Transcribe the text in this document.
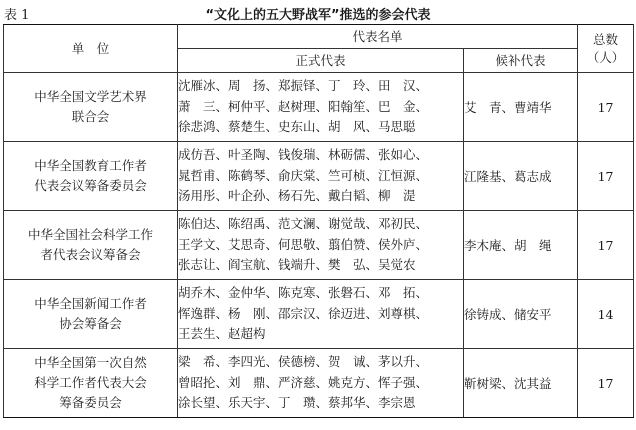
表 1	“文化上的五大野战军”推选的参会代表
单　位	代表名单		总数
（人）
	正式代表	候补代表	
中华全国文学艺术界
联合会	沈雁冰、周　扬、郑振铎、丁　玲、田　汉、
萧　三、柯仲平、赵树理、阳翰笙、巴　金、
徐悲鸿、蔡楚生、史东山、胡　风、马思聪	艾　青、曹靖华	17
中华全国教育工作者
代表会议筹备委员会	成仿吾、叶圣陶、钱俊瑞、林砺儒、张如心、
晁哲甫、陈鹤琴、俞庆棠、竺可桢、江恒源、
汤用彤、叶企孙、杨石先、戴白韬、柳　湜	江隆基、葛志成	17
中华全国社会科学工作
者代表会议筹备会	陈伯达、陈绍禹、范文澜、谢觉哉、邓初民、
王学文、艾思奇、何思敬、翦伯赞、侯外庐、
张志让、阎宝航、钱端升、樊　弘、吴觉农	李木庵、胡　绳	17
中华全国新闻工作者
协会筹备会	胡乔木、金仲华、陈克寒、张磐石、邓　拓、
恽逸群、杨　刚、邵宗汉、徐迈进、刘尊棋、
王芸生、赵超构	徐铸成、储安平	14
中华全国第一次自然
科学工作者代表大会
筹备委员会	梁　希、李四光、侯德榜、贺　诚、茅以升、
曾昭抡、刘　鼎、严济慈、姚克方、恽子强、
涂长望、乐天宇、丁　瓒、蔡邦华、李宗恩	靳树梁、沈其益	17
